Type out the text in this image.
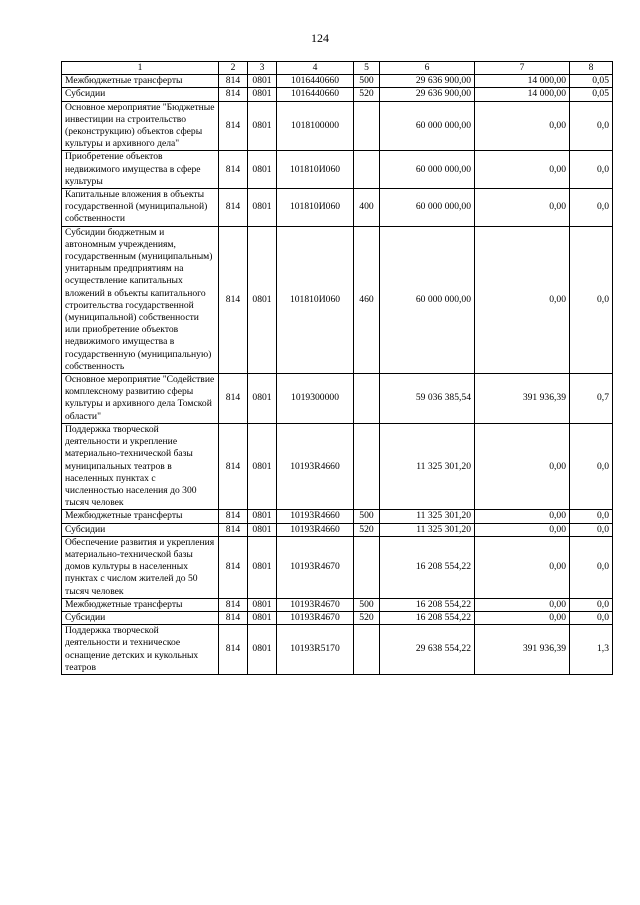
124
1	2	3	4	5	6	7	8
Межбюджетные трансферты	814	0801	1016440660	500	29 636 900,00	14 000,00	0,05
Субсидии	814	0801	1016440660	520	29 636 900,00	14 000,00	0,05
Основное мероприятие "Бюджетные инвестиции на строительство (реконструкцию) объектов сферы культуры и архивного дела"	814	0801	1018100000		60 000 000,00	0,00	0,0
Приобретение объектов недвижимого имущества в сфере культуры	814	0801	101810И060		60 000 000,00	0,00	0,0
Капитальные вложения в объекты государственной (муниципальной) собственности	814	0801	101810И060	400	60 000 000,00	0,00	0,0
Субсидии бюджетным и автономным учреждениям, государственным (муниципальным) унитарным предприятиям на осуществление капитальных вложений в объекты капитального строительства государственной (муниципальной) собственности или приобретение объектов недвижимого имущества в государственную (муниципальную) собственность	814	0801	101810И060	460	60 000 000,00	0,00	0,0
Основное мероприятие "Содействие комплексному развитию сферы культуры и архивного дела Томской области"	814	0801	1019300000		59 036 385,54	391 936,39	0,7
Поддержка творческой деятельности и укрепление материально-технической базы муниципальных театров в населенных пунктах с численностью населения до 300 тысяч человек	814	0801	10193R4660		11 325 301,20	0,00	0,0
Межбюджетные трансферты	814	0801	10193R4660	500	11 325 301,20	0,00	0,0
Субсидии	814	0801	10193R4660	520	11 325 301,20	0,00	0,0
Обеспечение развития и укрепления материально-технической базы домов культуры в населенных пунктах с числом жителей до 50 тысяч человек	814	0801	10193R4670		16 208 554,22	0,00	0,0
Межбюджетные трансферты	814	0801	10193R4670	500	16 208 554,22	0,00	0,0
Субсидии	814	0801	10193R4670	520	16 208 554,22	0,00	0,0
Поддержка творческой деятельности и техническое оснащение детских и кукольных театров	814	0801	10193R5170		29 638 554,22	391 936,39	1,3
